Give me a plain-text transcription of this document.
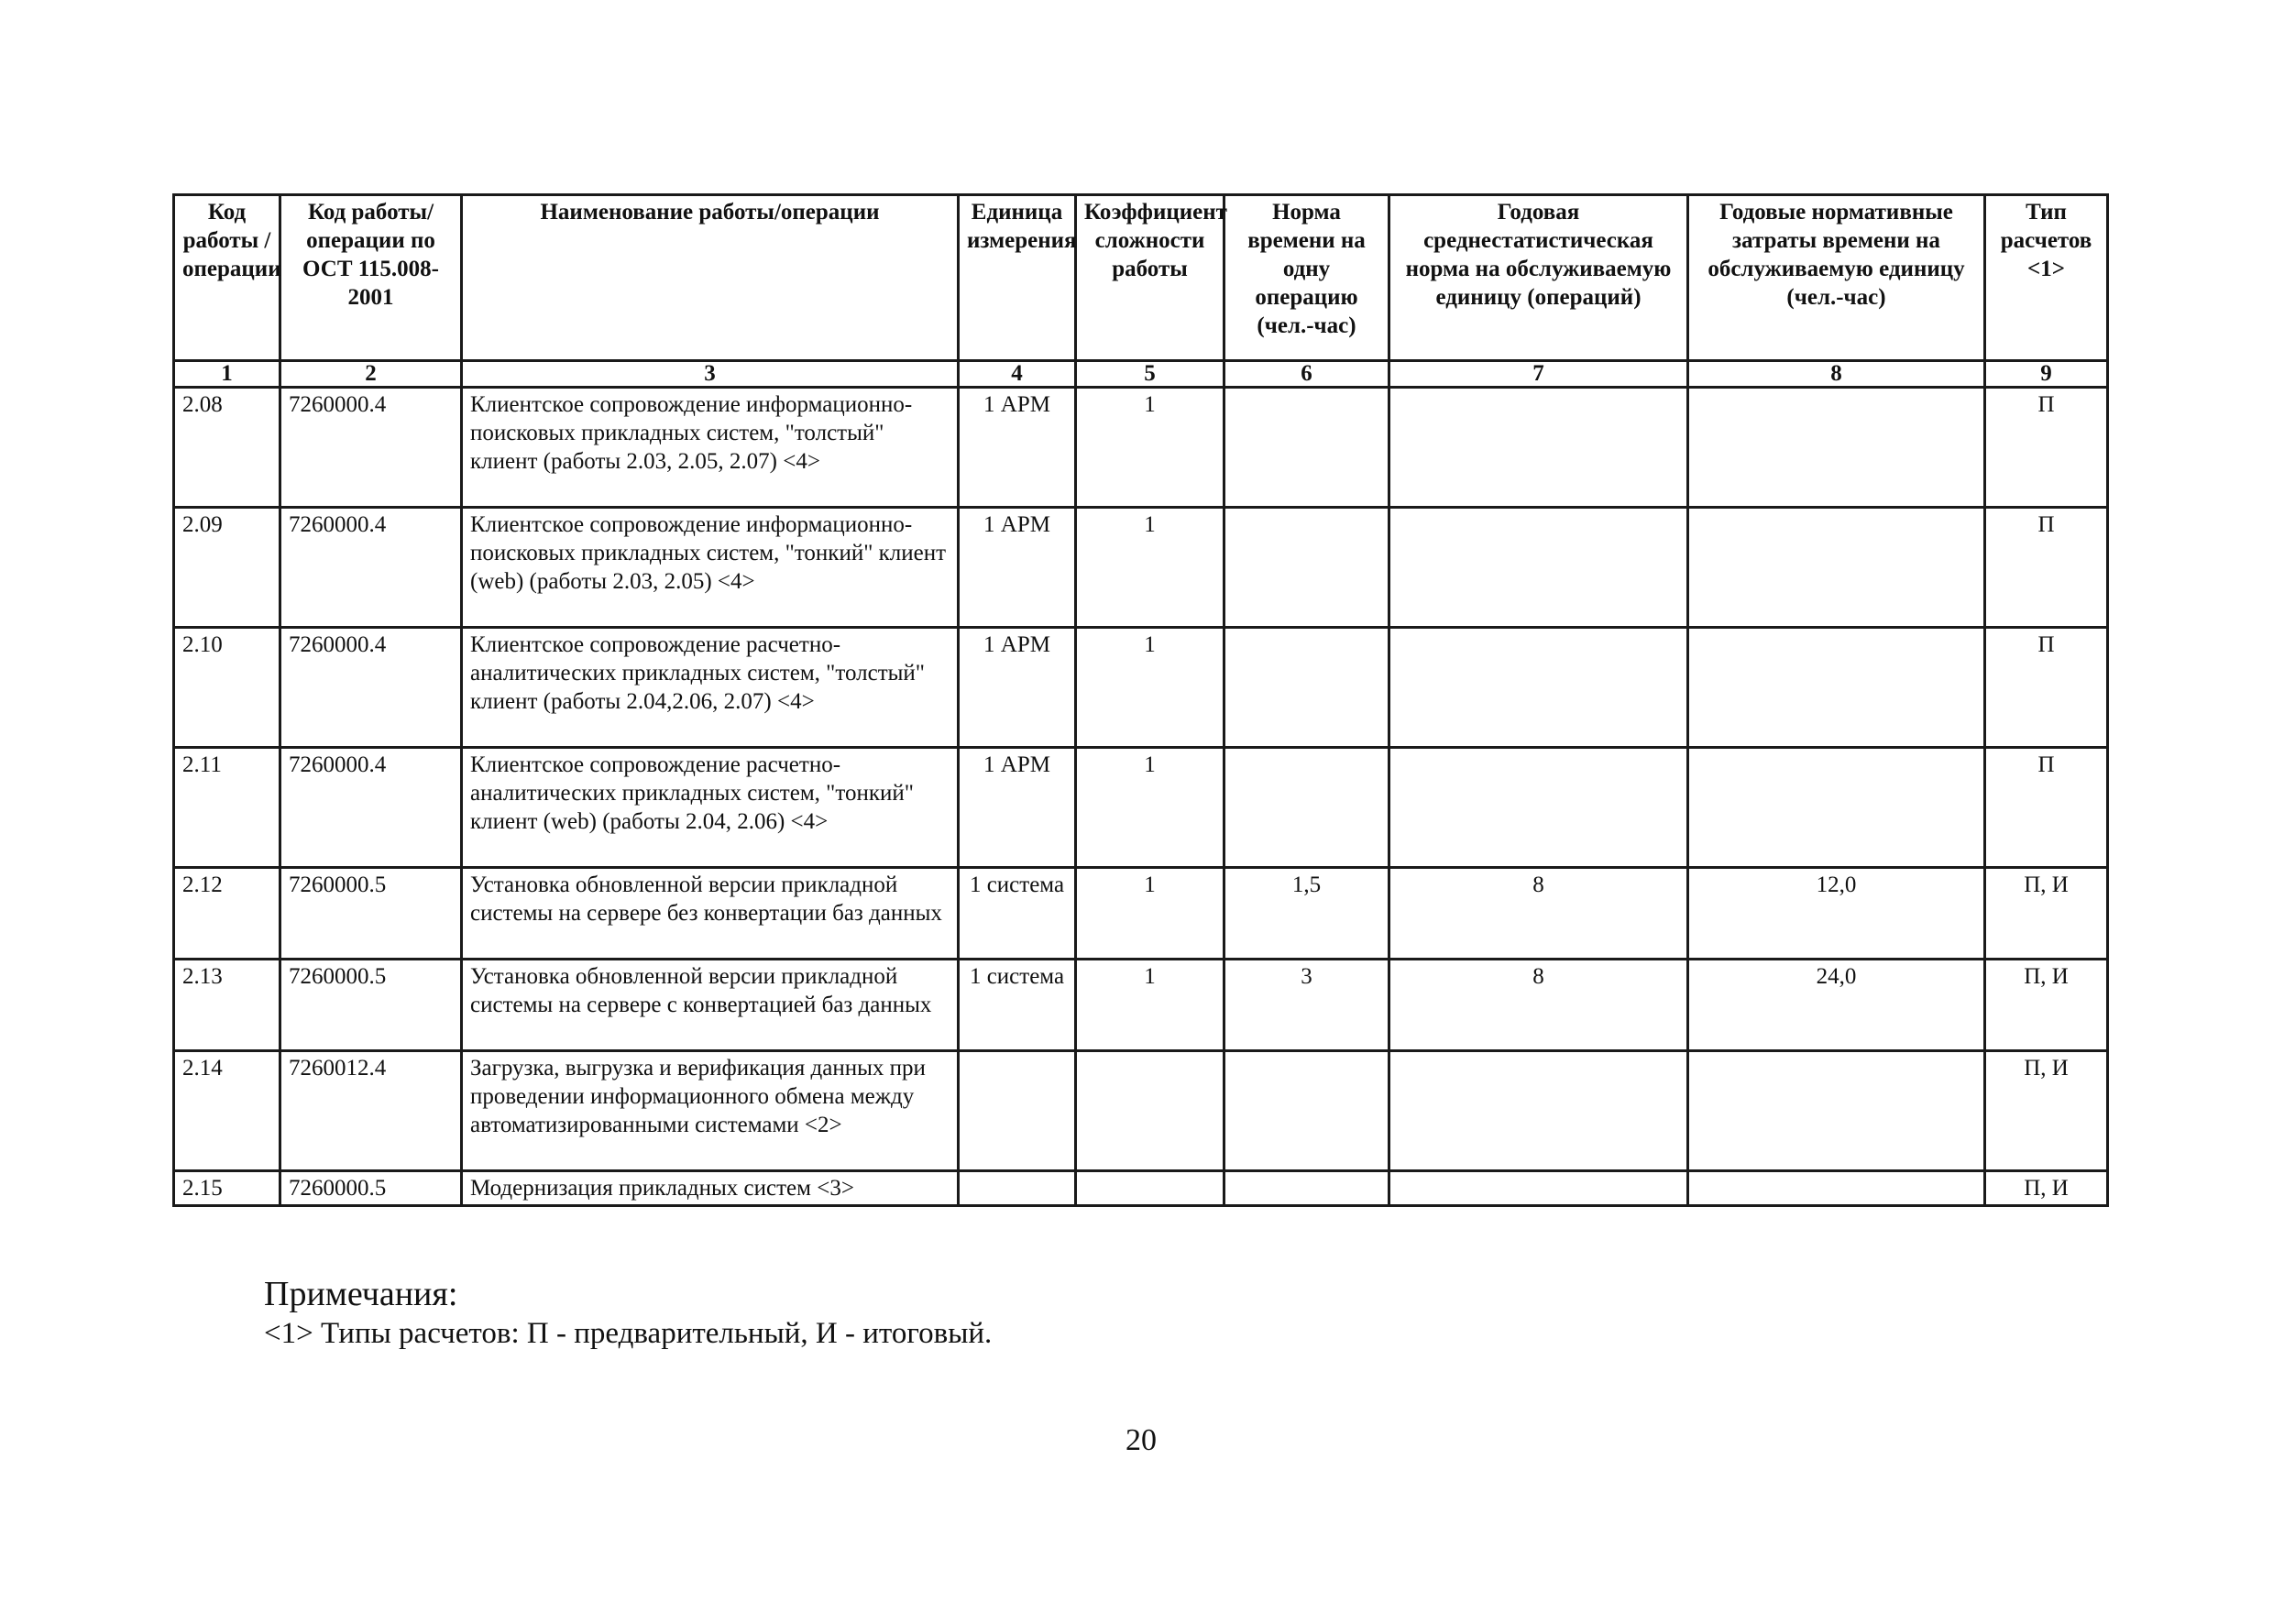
Код работы /операции	Код работы/операции по ОСТ 115.008-2001	Наименование работы/операции	Единица измерения	Коэффициент сложности работы	Норма времени на одну операцию (чел.-час)	Годовая среднестатистическая норма на обслуживаемую единицу (операций)	Годовые нормативные затраты времени на обслуживаемую единицу (чел.-час)	Тип расчетов <1>
1	2	3	4	5	6	7	8	9
2.08	7260000.4	Клиентское сопровождение информационно-поисковых прикладных систем, "толстый" клиент (работы 2.03, 2.05, 2.07) <4>	1 АРМ	1				П
2.09	7260000.4	Клиентское сопровождение информационно-поисковых прикладных систем, "тонкий" клиент (web) (работы 2.03, 2.05) <4>	1 АРМ	1				П
2.10	7260000.4	Клиентское сопровождение расчетно-аналитических прикладных систем, "толстый" клиент (работы 2.04,2.06, 2.07) <4>	1 АРМ	1				П
2.11	7260000.4	Клиентское сопровождение расчетно-аналитических прикладных систем, "тонкий" клиент (web) (работы 2.04, 2.06) <4>	1 АРМ	1				П
2.12	7260000.5	Установка обновленной версии прикладной системы на сервере без конвертации баз данных	1 система	1	1,5	8	12,0	П, И
2.13	7260000.5	Установка обновленной версии прикладной системы на сервере с конвертацией баз данных	1 система	1	3	8	24,0	П, И
2.14	7260012.4	Загрузка, выгрузка и верификация данных при проведении информационного обмена между автоматизированными системами <2>						П, И
2.15	7260000.5	Модернизация прикладных систем <3>						П, И
Примечания:
<1> Типы расчетов: П - предварительный, И - итоговый.
20
